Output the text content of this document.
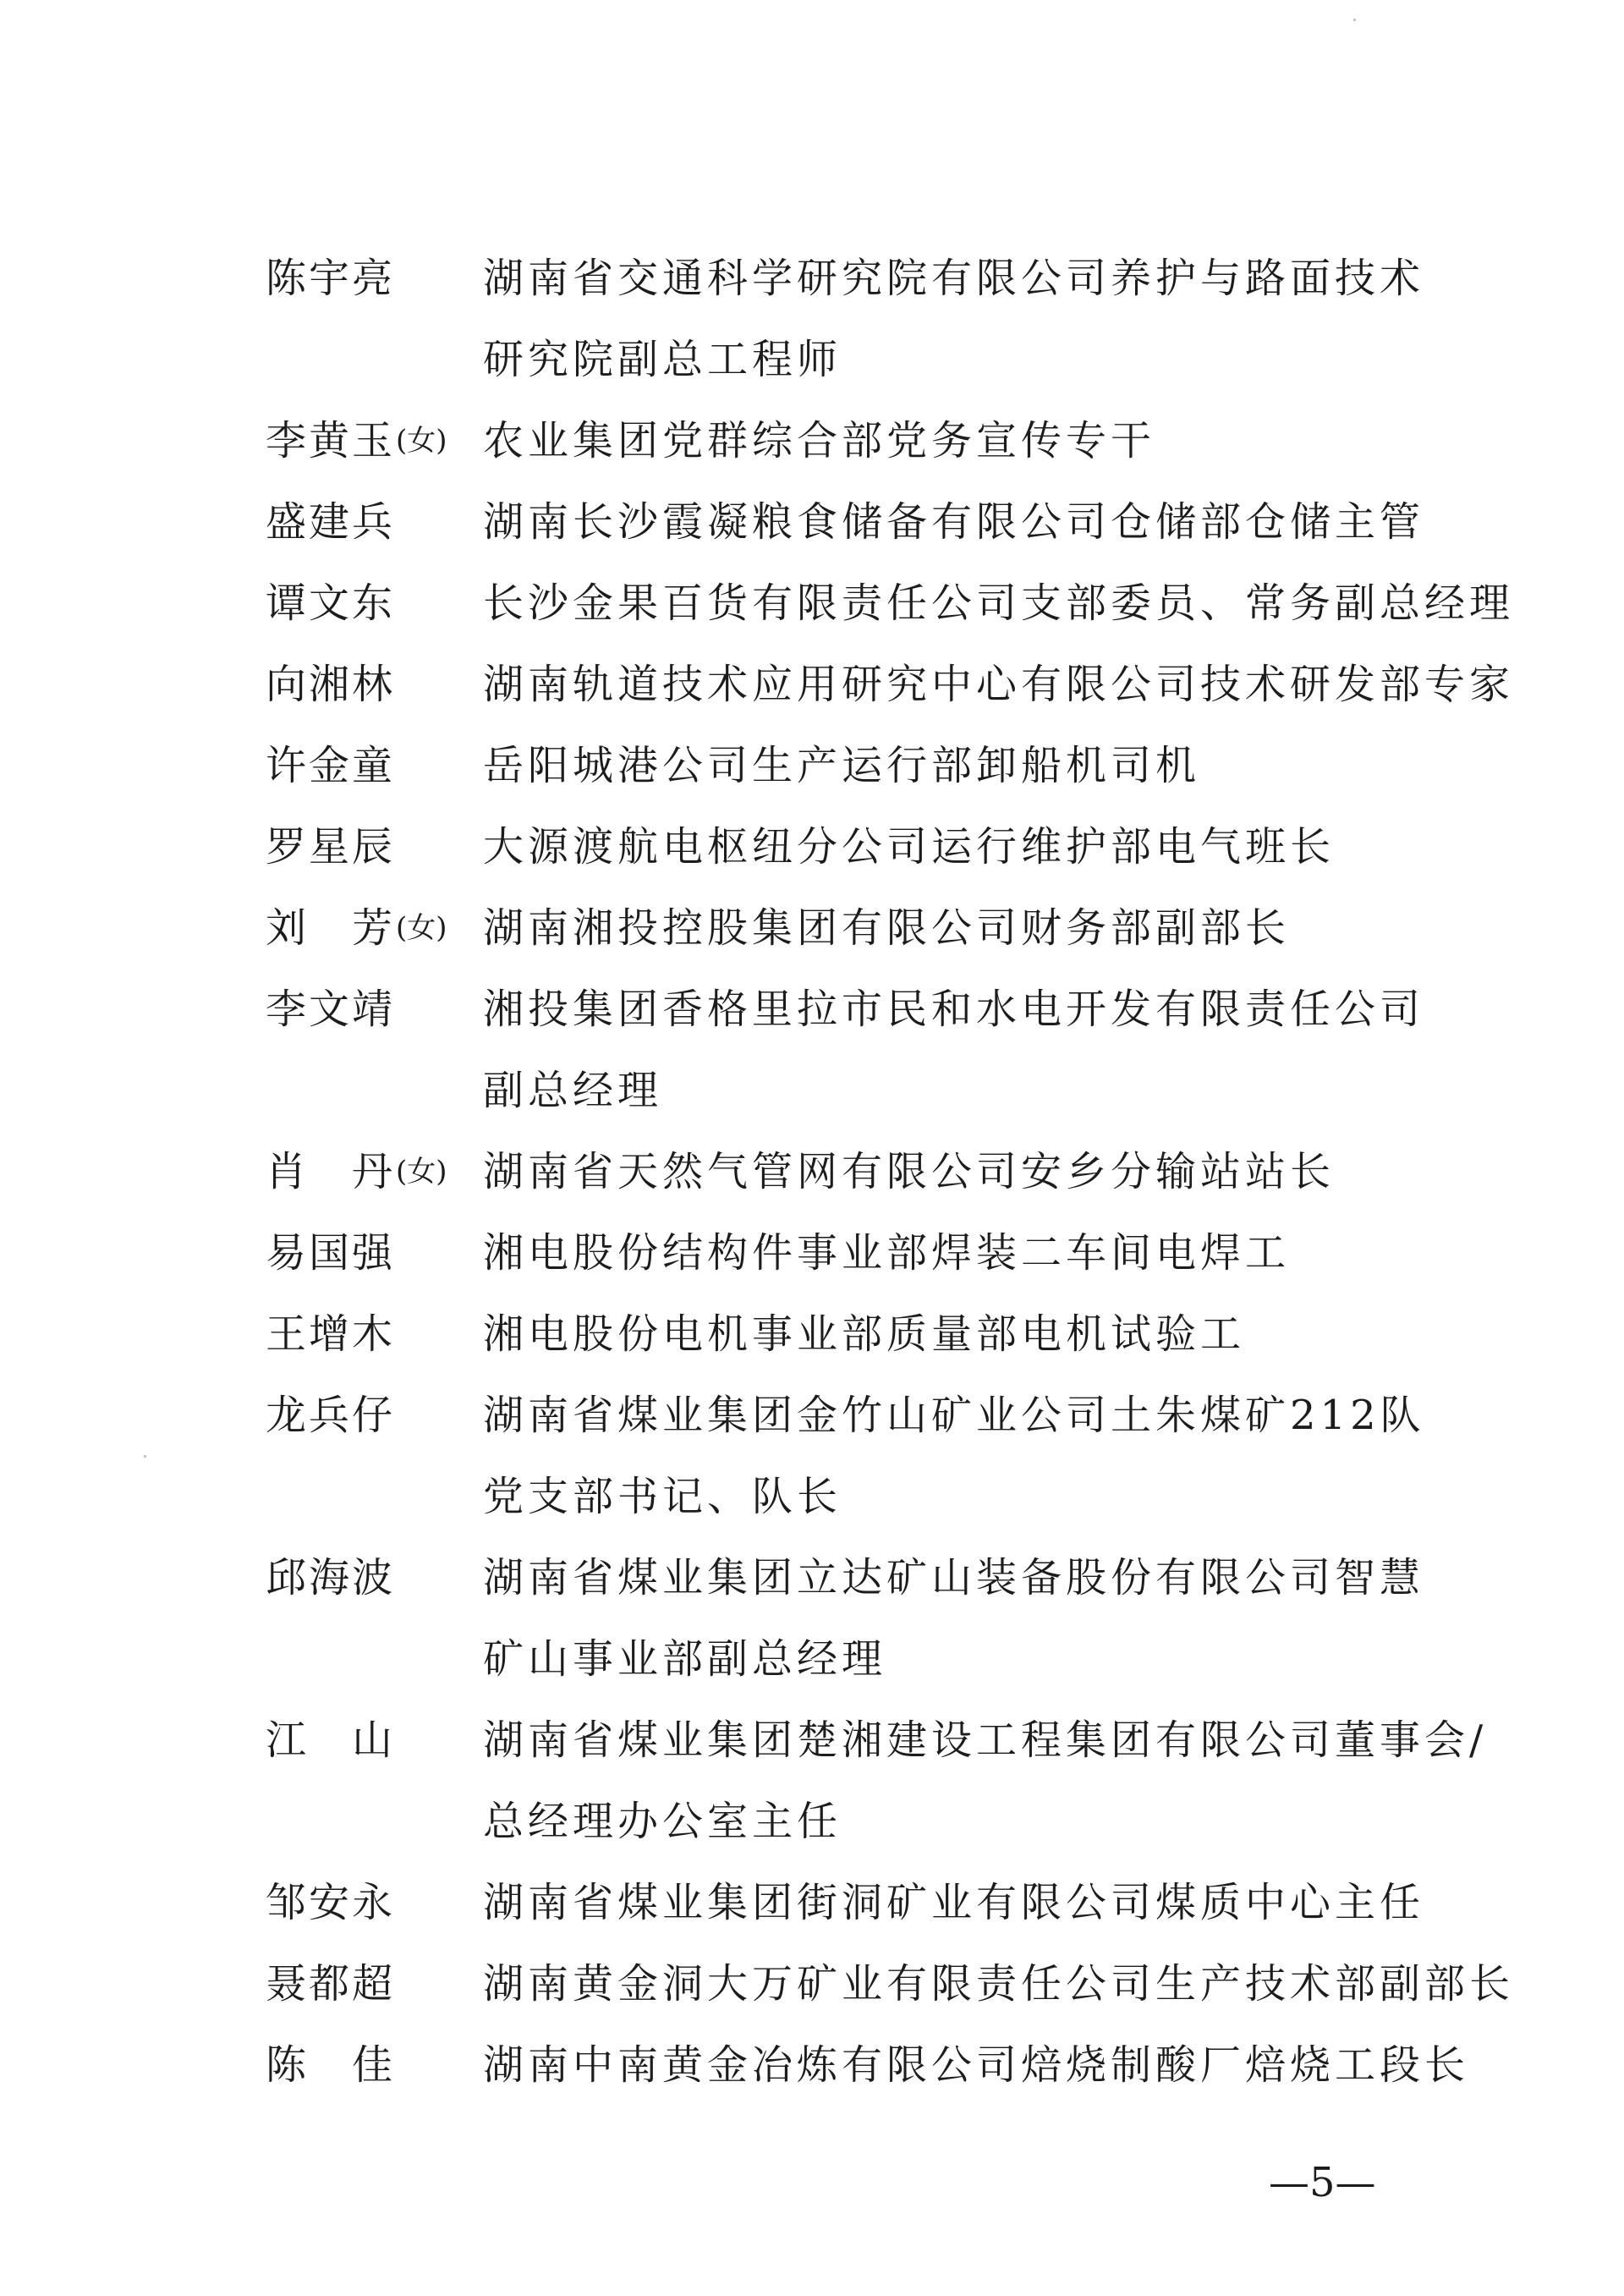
陈宇亮	湖南省交通科学研究院有限公司养护与路面技术
研究院副总工程师
李黄玉 (女) 农业集团党群综合部党务宣传专干
盛建兵	湖南长沙霞凝粮食储备有限公司仓储部仓储主管
谭文东	长沙金果百货有限责任公司支部委员、常务副总经理
向湘林	湖南轨道技术应用研究中心有限公司技术研发部专家
许金童	岳阳城港公司生产运行部卸船机司机
罗星辰	大源渡航电枢纽分公司运行维护部电气班长
刘芳 (女) 湖南湘投控股集团有限公司财务部副部长
李文靖	湘投集团香格里拉市民和水电开发有限责任公司
副总经理
肖丹 (女) 湖南省天然气管网有限公司安乡分输站站长
易国强	湘电股份结构件事业部焊装二车间电焊工
王增木	湘电股份电机事业部质量部电机试验工
龙兵仔	湖南省煤业集团金竹山矿业公司土朱煤矿212队
党支部书记、队长
邱海波	湖南省煤业集团立达矿山装备股份有限公司智慧
矿山事业部副总经理
江山	湖南省煤业集团楚湘建设工程集团有限公司董事会/
总经理办公室主任
邹安永	湖南省煤业集团街洞矿业有限公司煤质中心主任
聂都超	湖南黄金洞大万矿业有限责任公司生产技术部副部长
陈佳	湖南中南黄金冶炼有限公司焙烧制酸厂焙烧工段长
—5—
